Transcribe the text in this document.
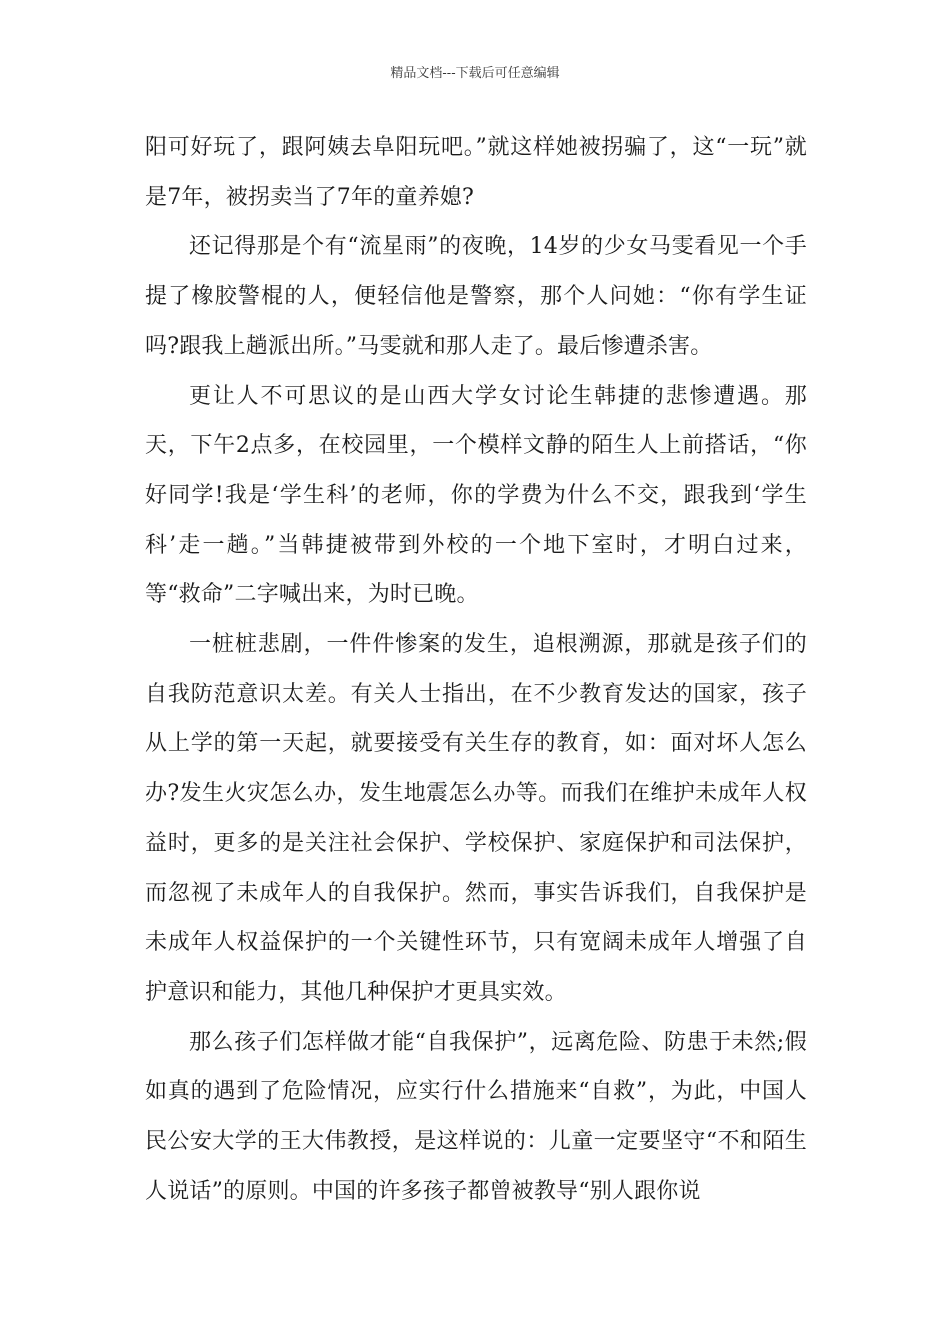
精品文档---下载后可任意编辑

阳可好玩了，跟阿姨去阜阳玩吧。”就这样她被拐骗了，这“一玩”就是7年，被拐卖当了7年的童养媳?

还记得那是个有“流星雨”的夜晚，14岁的少女马雯看见一个手提了橡胶警棍的人，便轻信他是警察，那个人问她：“你有学生证吗?跟我上趟派出所。”马雯就和那人走了。最后惨遭杀害。

更让人不可思议的是山西大学女讨论生韩捷的悲惨遭遇。那天，下午2点多，在校园里，一个模样文静的陌生人上前搭话，“你好同学!我是‘学生科’的老师，你的学费为什么不交，跟我到‘学生科’走一趟。”当韩捷被带到外校的一个地下室时，才明白过来，等“救命”二字喊出来，为时已晚。

一桩桩悲剧，一件件惨案的发生，追根溯源，那就是孩子们的自我防范意识太差。有关人士指出，在不少教育发达的国家，孩子从上学的第一天起，就要接受有关生存的教育，如：面对坏人怎么办?发生火灾怎么办，发生地震怎么办等。而我们在维护未成年人权益时，更多的是关注社会保护、学校保护、家庭保护和司法保护，而忽视了未成年人的自我保护。然而，事实告诉我们，自我保护是未成年人权益保护的一个关键性环节，只有宽阔未成年人增强了自护意识和能力，其他几种保护才更具实效。

那么孩子们怎样做才能“自我保护”，远离危险、防患于未然;假如真的遇到了危险情况，应实行什么措施来“自救”，为此，中国人民公安大学的王大伟教授，是这样说的：儿童一定要坚守“不和陌生人说话”的原则。中国的许多孩子都曾被教导“别人跟你说
